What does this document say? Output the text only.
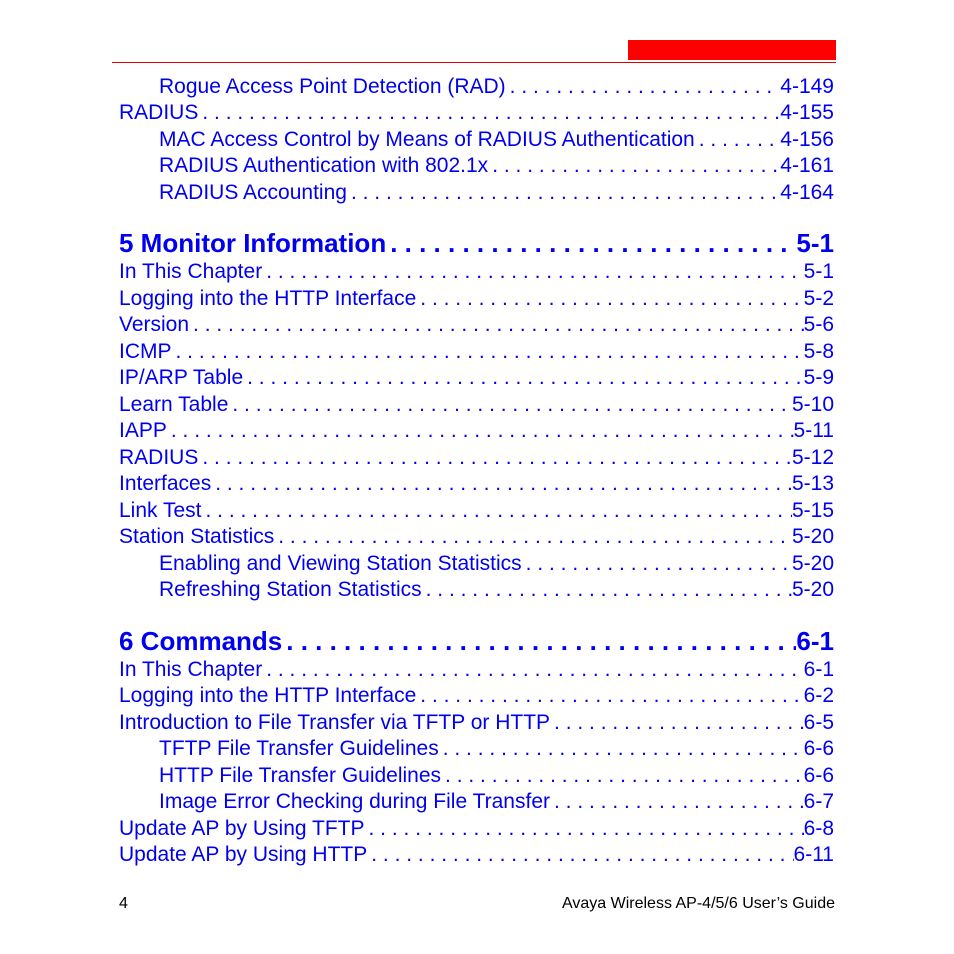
Rogue Access Point Detection (RAD) . . .	4-149
RADIUS . . .	4-155
MAC Access Control by Means of RADIUS Authentication . . .	4-156
RADIUS Authentication with 802.1x . . .	4-161
RADIUS Accounting . . .	4-164
5 Monitor Information . . .	5-1
In This Chapter . . .	5-1
Logging into the HTTP Interface . . .	5-2
Version . . .	5-6
ICMP . . .	5-8
IP/ARP Table . . .	5-9
Learn Table . . .	5-10
IAPP . . .	5-11
RADIUS . . .	5-12
Interfaces . . .	5-13
Link Test . . .	5-15
Station Statistics . . .	5-20
Enabling and Viewing Station Statistics . . .	5-20
Refreshing Station Statistics . . .	5-20
6 Commands . . .	6-1
In This Chapter . . .	6-1
Logging into the HTTP Interface . . .	6-2
Introduction to File Transfer via TFTP or HTTP . . .	6-5
TFTP File Transfer Guidelines . . .	6-6
HTTP File Transfer Guidelines . . .	6-6
Image Error Checking during File Transfer . . .	6-7
Update AP by Using TFTP . . .	6-8
Update AP by Using HTTP . . .	6-11
4	Avaya Wireless AP-4/5/6 User’s Guide
